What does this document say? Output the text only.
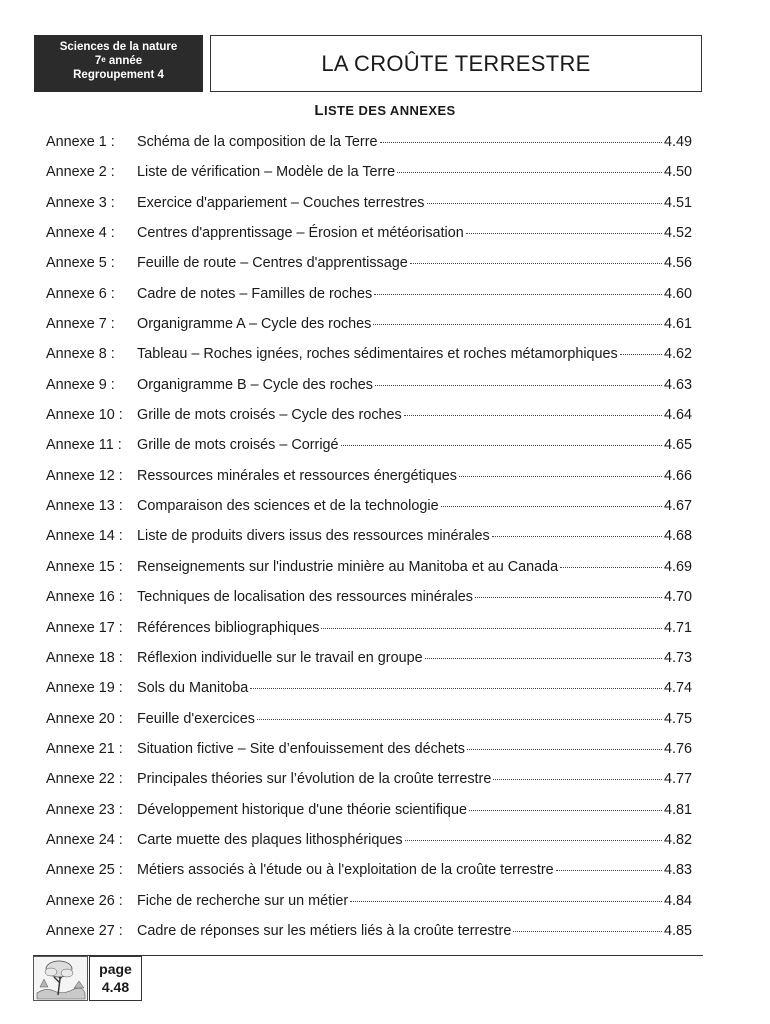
Sciences de la nature
7e année
Regroupement 4	LA CROÛTE TERRESTRE
LISTE DES ANNEXES
Annexe 1 :	Schéma de la composition de la Terre	4.49
Annexe 2 :	Liste de vérification – Modèle de la Terre	4.50
Annexe 3 :	Exercice d'appariement – Couches terrestres	4.51
Annexe 4 :	Centres d'apprentissage – Érosion et météorisation	4.52
Annexe 5 :	Feuille de route – Centres d'apprentissage	4.56
Annexe 6 :	Cadre de notes – Familles de roches	4.60
Annexe 7 :	Organigramme A – Cycle des roches	4.61
Annexe 8 :	Tableau – Roches ignées, roches sédimentaires et roches métamorphiques	4.62
Annexe 9 :	Organigramme B – Cycle des roches	4.63
Annexe 10 : Grille de mots croisés – Cycle des roches	4.64
Annexe 11 :	Grille de mots croisés – Corrigé	4.65
Annexe 12 : Ressources minérales et ressources énergétiques	4.66
Annexe 13 : Comparaison des sciences et de la technologie	4.67
Annexe 14 : Liste de produits divers issus des ressources minérales	4.68
Annexe 15 : Renseignements sur l'industrie minière au Manitoba et au Canada	4.69
Annexe 16 : Techniques de localisation des ressources minérales	4.70
Annexe 17 : Références bibliographiques	4.71
Annexe 18 : Réflexion individuelle sur le travail en groupe	4.73
Annexe 19 : Sols du Manitoba	4.74
Annexe 20 : Feuille d'exercices	4.75
Annexe 21 : Situation fictive – Site d’enfouissement des déchets	4.76
Annexe 22 : Principales théories sur l’évolution de la croûte terrestre	4.77
Annexe 23 : Développement historique d'une théorie scientifique	4.81
Annexe 24 : Carte muette des plaques lithosphériques	4.82
Annexe 25 : Métiers associés à l'étude ou à l'exploitation de la croûte terrestre	4.83
Annexe 26 : Fiche de recherche sur un métier	4.84
Annexe 27 : Cadre de réponses sur les métiers liés à la croûte terrestre	4.85
page
4.48
